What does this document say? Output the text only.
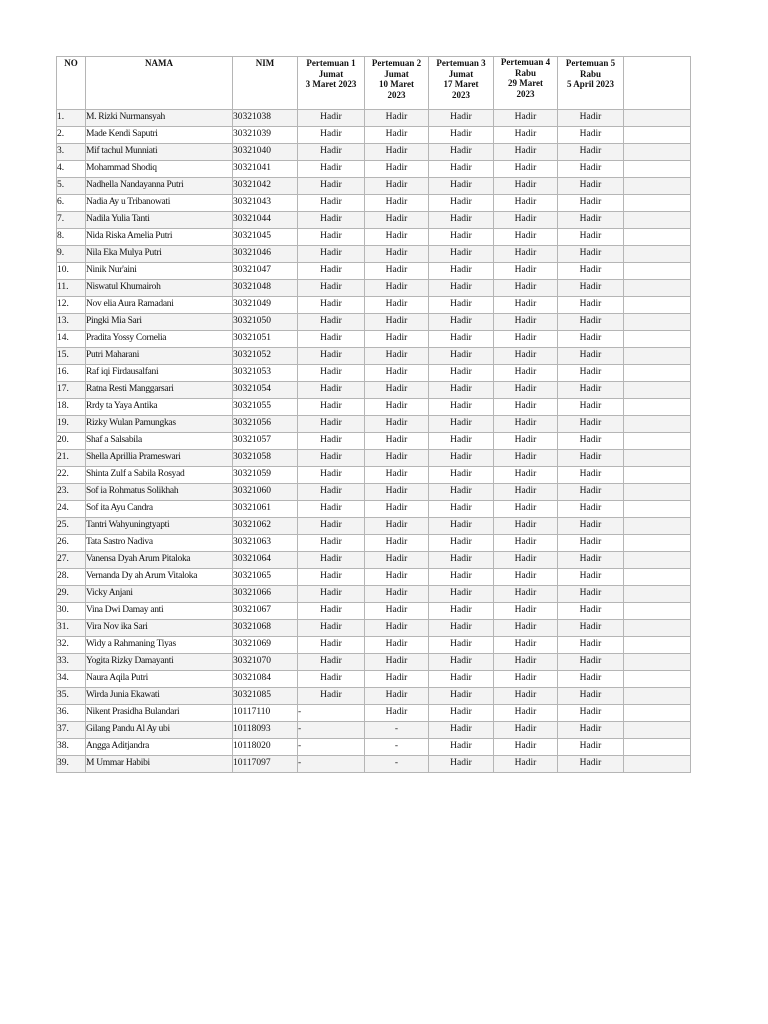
NO	NAMA	NIM	Pertemuan 1
Jumat
3 Maret 2023	Pertemuan 2
Jumat
10 Maret
2023	Pertemuan 3
Jumat
17 Maret
2023	Pertemuan 4
Rabu
29 Maret
2023	Pertemuan 5
Rabu
5 April 2023	

1.	M. Rizki Nurmansyah	30321038	Hadir	Hadir	Hadir	Hadir	Hadir	
2.	Made Kendi Saputri	30321039	Hadir	Hadir	Hadir	Hadir	Hadir	
3.	Mif tachul Munniati	30321040	Hadir	Hadir	Hadir	Hadir	Hadir	
4.	Mohammad Shodiq	30321041	Hadir	Hadir	Hadir	Hadir	Hadir	
5.	Nadhella Nandayanna Putri	30321042	Hadir	Hadir	Hadir	Hadir	Hadir	
6.	Nadia Ay u Tribanowati	30321043	Hadir	Hadir	Hadir	Hadir	Hadir	
7.	Nadila Yulia Tanti	30321044	Hadir	Hadir	Hadir	Hadir	Hadir	
8.	Nida Riska Amelia Putri	30321045	Hadir	Hadir	Hadir	Hadir	Hadir	
9.	Nila Eka Mulya Putri	30321046	Hadir	Hadir	Hadir	Hadir	Hadir	
10.	Ninik Nur'aini	30321047	Hadir	Hadir	Hadir	Hadir	Hadir	
11.	Niswatul Khumairoh	30321048	Hadir	Hadir	Hadir	Hadir	Hadir	
12.	Nov elia Aura Ramadani	30321049	Hadir	Hadir	Hadir	Hadir	Hadir	
13.	Pingki Mia Sari	30321050	Hadir	Hadir	Hadir	Hadir	Hadir	
14.	Pradita Yossy Cornelia	30321051	Hadir	Hadir	Hadir	Hadir	Hadir	
15.	Putri Maharani	30321052	Hadir	Hadir	Hadir	Hadir	Hadir	
16.	Raf iqi Firdausalfani	30321053	Hadir	Hadir	Hadir	Hadir	Hadir	
17.	Ratna Resti Manggarsari	30321054	Hadir	Hadir	Hadir	Hadir	Hadir	
18.	Rrdy ta Yaya Antika	30321055	Hadir	Hadir	Hadir	Hadir	Hadir	
19.	Rizky Wulan Pamungkas	30321056	Hadir	Hadir	Hadir	Hadir	Hadir	
20.	Shaf a Salsabila	30321057	Hadir	Hadir	Hadir	Hadir	Hadir	
21.	Shella Aprillia Prameswari	30321058	Hadir	Hadir	Hadir	Hadir	Hadir	
22.	Shinta Zulf a Sabila Rosyad	30321059	Hadir	Hadir	Hadir	Hadir	Hadir	
23.	Sof ia Rohmatus Solikhah	30321060	Hadir	Hadir	Hadir	Hadir	Hadir	
24.	Sof ita Ayu Candra	30321061	Hadir	Hadir	Hadir	Hadir	Hadir	
25.	Tantri Wahyuningtyapti	30321062	Hadir	Hadir	Hadir	Hadir	Hadir	
26.	Tata Sastro Nadiva	30321063	Hadir	Hadir	Hadir	Hadir	Hadir	
27.	Vanensa Dyah Arum Pitaloka	30321064	Hadir	Hadir	Hadir	Hadir	Hadir	
28.	Vernanda Dy ah Arum Vitaloka	30321065	Hadir	Hadir	Hadir	Hadir	Hadir	
29.	Vicky Anjani	30321066	Hadir	Hadir	Hadir	Hadir	Hadir	
30.	Vina Dwi Damay anti	30321067	Hadir	Hadir	Hadir	Hadir	Hadir	
31.	Vira Nov ika Sari	30321068	Hadir	Hadir	Hadir	Hadir	Hadir	
32.	Widy a Rahmaning Tiyas	30321069	Hadir	Hadir	Hadir	Hadir	Hadir	
33.	Yogita Rizky Damayanti	30321070	Hadir	Hadir	Hadir	Hadir	Hadir	
34.	Naura Aqila Putri	30321084	Hadir	Hadir	Hadir	Hadir	Hadir	
35.	Wirda Junia Ekawati	30321085	Hadir	Hadir	Hadir	Hadir	Hadir	
36.	Nikent Prasidha Bulandari	10117110	-	Hadir	Hadir	Hadir	Hadir	
37.	Gilang Pandu Al Ay ubi	10118093	-	-	Hadir	Hadir	Hadir	
38.	Angga Aditjandra	10118020	-	-	Hadir	Hadir	Hadir	
39.	M Ummar Habibi	10117097	-	-	Hadir	Hadir	Hadir	
